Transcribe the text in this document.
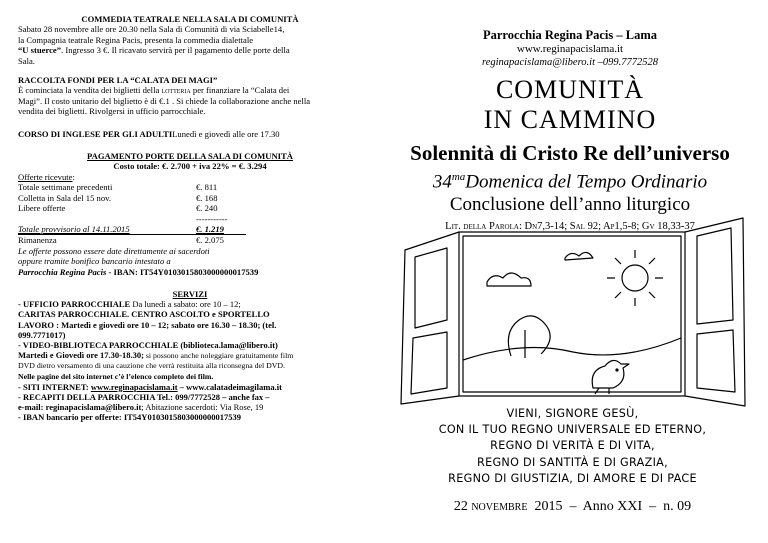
COMMEDIA TEATRALE NELLA SALA DI COMUNITÀ
Sabato 28 novembre alle ore 20.30 nella Sala di Comunità di via Sciabelle14,
la Compagnia teatrale Regina Pacis, presenta la commedia dialettale
“U stuerce”. Ingresso 3 €. Il ricavato servirà per il pagamento delle porte della
Sala.
RACCOLTA FONDI PER LA “CALATA DEI MAGI”
È cominciata la vendita dei biglietti della lotteria per finanziare la “Calata dei
Magi”. Il costo unitario del biglietto è di €.1 . Si chiede la collaborazione anche nella
vendita dei biglietti. Rivolgersi in ufficio parrocchiale.
CORSO DI INGLESE PER GLI ADULTILunedì e giovedì alle ore 17.30
PAGAMENTO PORTE DELLA SALA DI COMUNITÀ
Costo totale: €. 2.700 + iva 22% = €. 3.294
Offerte ricevute:
Totale settimane precedenti	€. 811
Colletta in Sala del 15 nov.	€. 168
Libere offerte	€. 240
-----------
Totale provvisorio al 14.11.2015	€. 1.219
Rimanenza	€. 2.075
Le offerte possono essere date direttamente ai sacerdoti
oppure tramite bonifico bancario intestato a
Parrocchia Regina Pacis - IBAN: IT54Y0103015803000000017539
SERVIZI
- UFFICIO PARROCCHIALE Da lunedì a sabato: ore 10 – 12;
CARITAS PARROCCHIALE. CENTRO ASCOLTO e SPORTELLO
LAVORO : Martedì e giovedì ore 10 – 12; sabato ore 16.30 – 18.30; (tel.
099.7771017)
- VIDEO-BIBLIOTECA PARROCCHIALE (biblioteca.lama@libero.it)
Martedì e Giovedì ore 17.30-18.30; si possono anche noleggiare gratuitamente film
DVD dietro versamento di una cauzione che verrà restituita alla riconsegna del DVD.
Nelle pagine del sito internet c’è l’elenco completo dei film.
- SITI INTERNET: www.reginapacislama.it – www.calatadeimagilama.it
- RECAPITI DELLA PARROCCHIA Tel.: 099/7772528 – anche fax –
e-mail: reginapacislama@libero.it; Abitazione sacerdoti: Via Rose, 19
- IBAN bancario per offerte: IT54Y0103015803000000017539
Parrocchia Regina Pacis – Lama
www.reginapacislama.it
reginapacislama@libero.it –099.7772528
COMUNITÀ
IN CAMMINO
Solennità di Cristo Re dell’universo
$34^{ma}Domenica$ del Tempo Ordinario
Conclusione dell’anno liturgico
Lit. della Parola: Dn7,3-14; Sal 92; Ap1,5-8; Gv 18,33-37
VIENI, SIGNORE GESÙ,
CON IL TUO REGNO UNIVERSALE ED ETERNO,
REGNO DI VERITÀ E DI VITA,
REGNO DI SANTITÀ E DI GRAZIA,
REGNO DI GIUSTIZIA, DI AMORE E DI PACE
22 novembre 2015 – Anno XXI – n. 09
